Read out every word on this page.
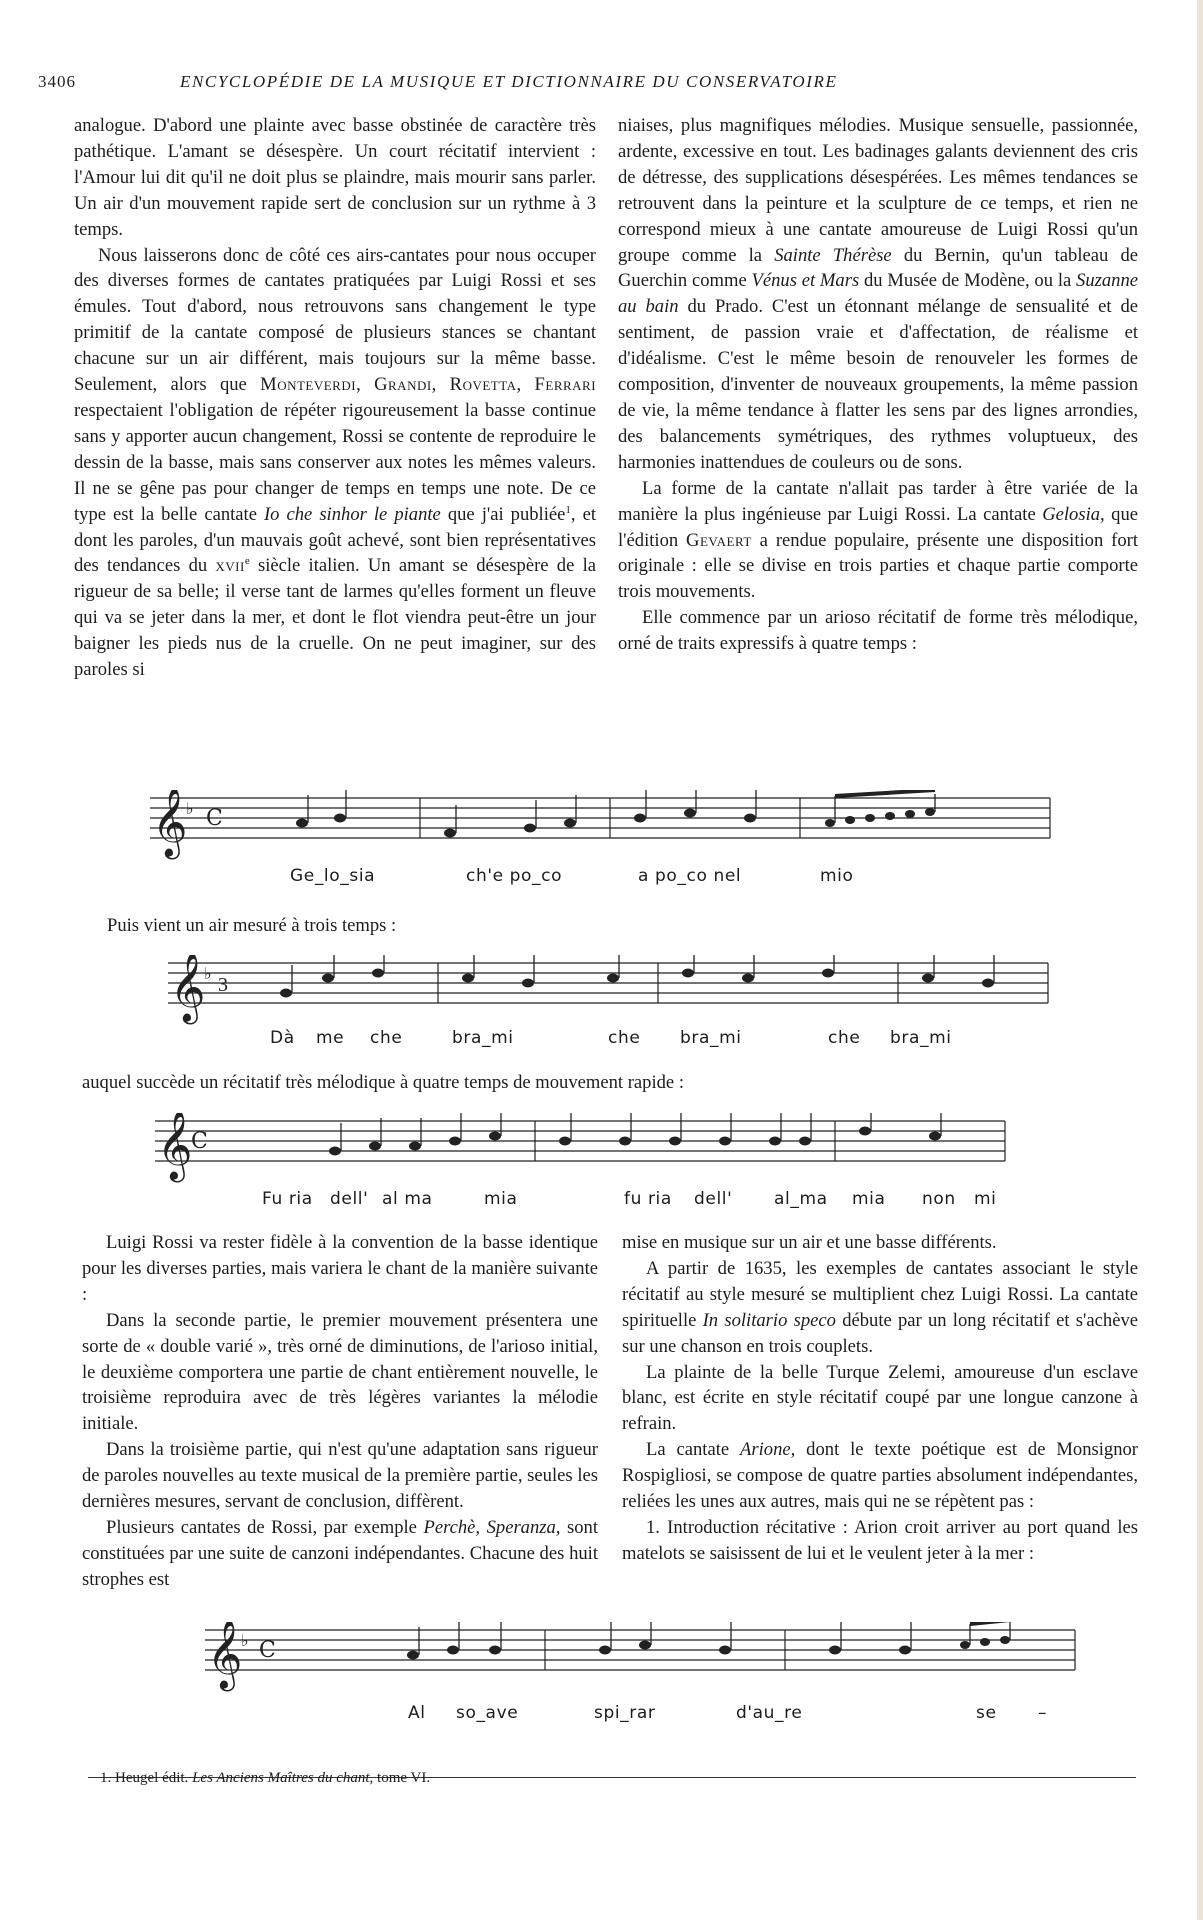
3406	ENCYCLOPÉDIE DE LA MUSIQUE ET DICTIONNAIRE DU CONSERVATOIRE

analogue. D'abord une plainte avec basse obstinée de caractère très pathétique. L'amant se désespère. Un court récitatif intervient : l'Amour lui dit qu'il ne doit plus se plaindre, mais mourir sans parler. Un air d'un mouvement rapide sert de conclusion sur un rythme à 3 temps.

Nous laisserons donc de côté ces airs-cantates pour nous occuper des diverses formes de cantates pratiquées par Luigi Rossi et ses émules. Tout d'abord, nous retrouvons sans changement le type primitif de la cantate composé de plusieurs stances se chantant chacune sur un air différent, mais toujours sur la même basse. Seulement, alors que Monteverdi, Grandi, Rovetta, Ferrari respectaient l'obligation de répéter rigoureusement la basse continue sans y apporter aucun changement, Rossi se contente de reproduire le dessin de la basse, mais sans conserver aux notes les mêmes valeurs. Il ne se gêne pas pour changer de temps en temps une note. De ce type est la belle cantate Io che sinhor le piante que j'ai publiée$^1$, et dont les paroles, d'un mauvais goût achevé, sont bien représentatives des tendances du xvii$^e$ siècle italien. Un amant se désespère de la rigueur de sa belle; il verse tant de larmes qu'elles forment un fleuve qui va se jeter dans la mer, et dont le flot viendra peut-être un jour baigner les pieds nus de la cruelle. On ne peut imaginer, sur des paroles si

niaises, plus magnifiques mélodies. Musique sensuelle, passionnée, ardente, excessive en tout. Les badinages galants deviennent des cris de détresse, des supplications désespérées. Les mêmes tendances se retrouvent dans la peinture et la sculpture de ce temps, et rien ne correspond mieux à une cantate amoureuse de Luigi Rossi qu'un groupe comme la Sainte Thérèse du Bernin, qu'un tableau de Guerchin comme Vénus et Mars du Musée de Modène, ou la Suzanne au bain du Prado. C'est un étonnant mélange de sensualité et de sentiment, de passion vraie et d'affectation, de réalisme et d'idéalisme. C'est le même besoin de renouveler les formes de composition, d'inventer de nouveaux groupements, la même passion de vie, la même tendance à flatter les sens par des lignes arrondies, des balancements symétriques, des rythmes voluptueux, des harmonies inattendues de couleurs ou de sons.

La forme de la cantate n'allait pas tarder à être variée de la manière la plus ingénieuse par Luigi Rossi. La cantate Gelosia, que l'édition Gevaert a rendue populaire, présente une disposition fort originale : elle se divise en trois parties et chaque partie comporte trois mouvements.

Elle commence par un arioso récitatif de forme très mélodique, orné de traits expressifs à quatre temps :

𝄞
♭ C
Ge_lo_sia	ch'e po_co	a po_co nel	mio
Puis vient un air mesuré à trois temps :
𝄞
♭ 3
Dà me che	bra_mi	che bra_mi	che bra_mi
auquel succède un récitatif très mélodique à quatre temps de mouvement rapide :
𝄞
C
Fu ria dell' al ma	mia	fu ria dell' al_ma mia non mi

Luigi Rossi va rester fidèle à la convention de la basse identique pour les diverses parties, mais variera le chant de la manière suivante :

Dans la seconde partie, le premier mouvement présentera une sorte de « double varié », très orné de diminutions, de l'arioso initial, le deuxième comportera une partie de chant entièrement nouvelle, le troisième reproduira avec de très légères variantes la mélodie initiale.

Dans la troisième partie, qui n'est qu'une adaptation sans rigueur de paroles nouvelles au texte musical de la première partie, seules les dernières mesures, servant de conclusion, diffèrent.

Plusieurs cantates de Rossi, par exemple Perchè, Speranza, sont constituées par une suite de canzoni indépendantes. Chacune des huit strophes est

mise en musique sur un air et une basse différents.

A partir de 1635, les exemples de cantates associant le style récitatif au style mesuré se multiplient chez Luigi Rossi. La cantate spirituelle In solitario speco débute par un long récitatif et s'achève sur une chanson en trois couplets.

La plainte de la belle Turque Zelemi, amoureuse d'un esclave blanc, est écrite en style récitatif coupé par une longue canzone à refrain.

La cantate Arione, dont le texte poétique est de Monsignor Rospigliosi, se compose de quatre parties absolument indépendantes, reliées les unes aux autres, mais qui ne se répètent pas :

1. Introduction récitative : Arion croit arriver au port quand les matelots se saisissent de lui et le veulent jeter à la mer :

𝄞
♭ C
Al so_ave	spi_rar	d'au_re	se –
1. Heugel édit. Les Anciens Maîtres du chant, tome VI.
